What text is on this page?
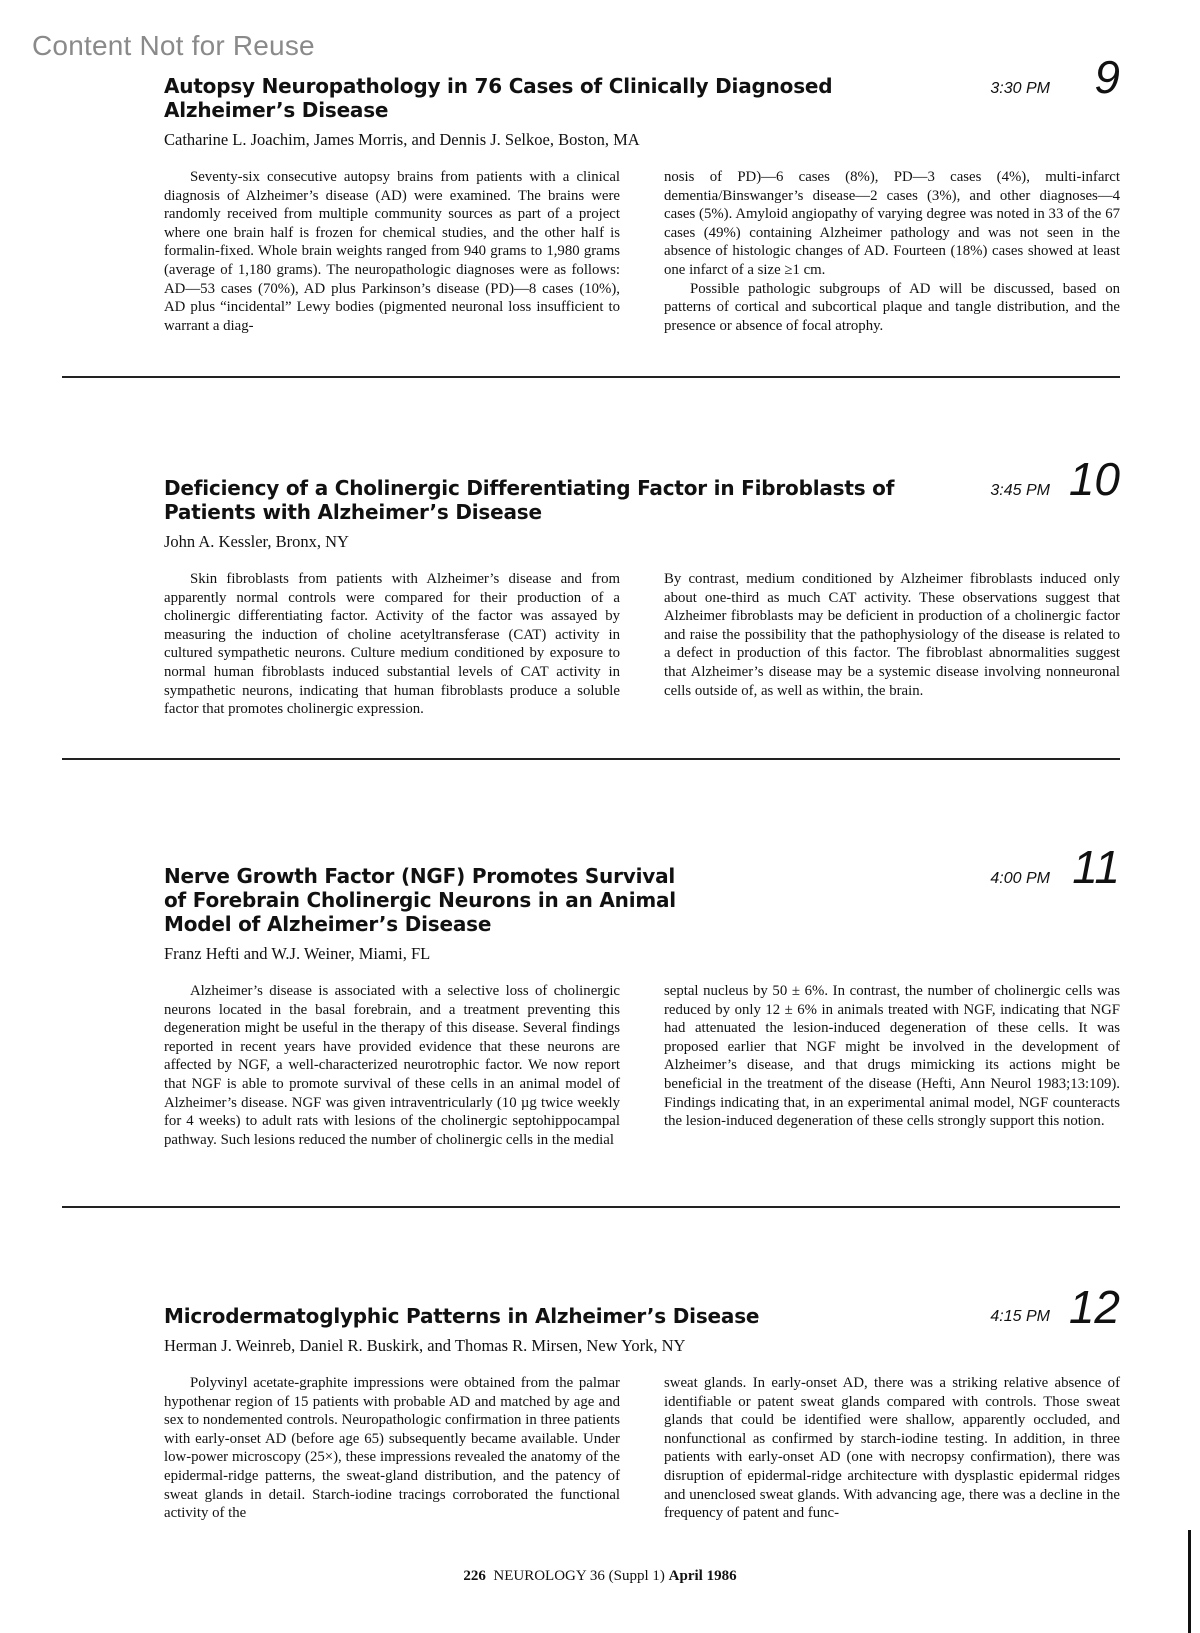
Content Not for Reuse
Autopsy Neuropathology in 76 Cases of Clinically Diagnosed Alzheimer’s Disease
3:30 PM 9
Catharine L. Joachim, James Morris, and Dennis J. Selkoe, Boston, MA

Seventy-six consecutive autopsy brains from patients with a clinical diagnosis of Alzheimer’s disease (AD) were examined. The brains were randomly received from multiple community sources as part of a project where one brain half is frozen for chemical studies, and the other half is formalin-fixed. Whole brain weights ranged from 940 grams to 1,980 grams (average of 1,180 grams). The neuropathologic diagnoses were as follows: AD—53 cases (70%), AD plus Parkinson’s disease (PD)—8 cases (10%), AD plus “incidental” Lewy bodies (pigmented neuronal loss insufficient to warrant a diag-

nosis of PD)—6 cases (8%), PD—3 cases (4%), multi-infarct dementia/Binswanger’s disease—2 cases (3%), and other diagnoses—4 cases (5%). Amyloid angiopathy of varying degree was noted in 33 of the 67 cases (49%) containing Alzheimer pathology and was not seen in the absence of histologic changes of AD. Fourteen (18%) cases showed at least one infarct of a size ≥1 cm.

Possible pathologic subgroups of AD will be discussed, based on patterns of cortical and subcortical plaque and tangle distribution, and the presence or absence of focal atrophy.

Deficiency of a Cholinergic Differentiating Factor in Fibroblasts of Patients with Alzheimer’s Disease
3:45 PM 10
John A. Kessler, Bronx, NY

Skin fibroblasts from patients with Alzheimer’s disease and from apparently normal controls were compared for their production of a cholinergic differentiating factor. Activity of the factor was assayed by measuring the induction of choline acetyltransferase (CAT) activity in cultured sympathetic neurons. Culture medium conditioned by exposure to normal human fibroblasts induced substantial levels of CAT activity in sympathetic neurons, indicating that human fibroblasts produce a soluble factor that promotes cholinergic expression.

By contrast, medium conditioned by Alzheimer fibroblasts induced only about one-third as much CAT activity. These observations suggest that Alzheimer fibroblasts may be deficient in production of a cholinergic factor and raise the possibility that the pathophysiology of the disease is related to a defect in production of this factor. The fibroblast abnormalities suggest that Alzheimer’s disease may be a systemic disease involving nonneuronal cells outside of, as well as within, the brain.

Nerve Growth Factor (NGF) Promotes Survival of Forebrain Cholinergic Neurons in an Animal Model of Alzheimer’s Disease
4:00 PM 11
Franz Hefti and W.J. Weiner, Miami, FL

Alzheimer’s disease is associated with a selective loss of cholinergic neurons located in the basal forebrain, and a treatment preventing this degeneration might be useful in the therapy of this disease. Several findings reported in recent years have provided evidence that these neurons are affected by NGF, a well-characterized neurotrophic factor. We now report that NGF is able to promote survival of these cells in an animal model of Alzheimer’s disease. NGF was given intraventricularly (10 µg twice weekly for 4 weeks) to adult rats with lesions of the cholinergic septohippocampal pathway. Such lesions reduced the number of cholinergic cells in the medial

septal nucleus by 50 ± 6%. In contrast, the number of cholinergic cells was reduced by only 12 ± 6% in animals treated with NGF, indicating that NGF had attenuated the lesion-induced degeneration of these cells. It was proposed earlier that NGF might be involved in the development of Alzheimer’s disease, and that drugs mimicking its actions might be beneficial in the treatment of the disease (Hefti, Ann Neurol 1983;13:109). Findings indicating that, in an experimental animal model, NGF counteracts the lesion-induced degeneration of these cells strongly support this notion.

Microdermatoglyphic Patterns in Alzheimer’s Disease	4:15 PM 12
Herman J. Weinreb, Daniel R. Buskirk, and Thomas R. Mirsen, New York, NY

Polyvinyl acetate-graphite impressions were obtained from the palmar hypothenar region of 15 patients with probable AD and matched by age and sex to nondemented controls. Neuropathologic confirmation in three patients with early-onset AD (before age 65) subsequently became available. Under low-power microscopy (25×), these impressions revealed the anatomy of the epidermal-ridge patterns, the sweat-gland distribution, and the patency of sweat glands in detail. Starch-iodine tracings corroborated the functional activity of the

sweat glands. In early-onset AD, there was a striking relative absence of identifiable or patent sweat glands compared with controls. Those sweat glands that could be identified were shallow, apparently occluded, and nonfunctional as confirmed by starch-iodine testing. In addition, in three patients with early-onset AD (one with necropsy confirmation), there was disruption of epidermal-ridge architecture with dysplastic epidermal ridges and unenclosed sweat glands. With advancing age, there was a decline in the frequency of patent and func-

226 NEUROLOGY 36 (Suppl 1) April 1986
